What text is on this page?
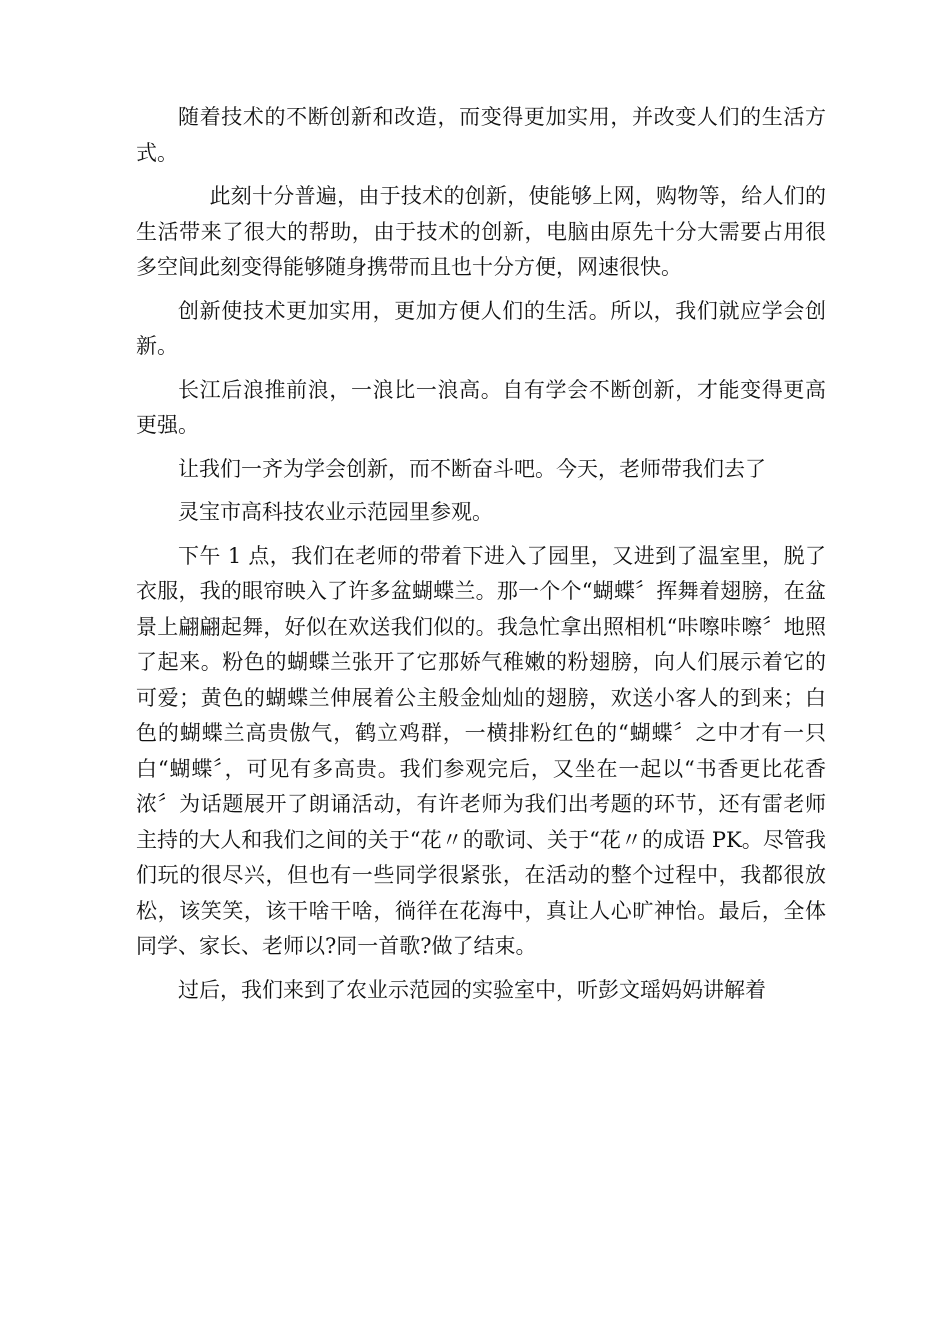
随着技术的不断创新和改造，而变得更加实用，并改变人们的生活方式。

此刻十分普遍，由于技术的创新，使能够上网，购物等，给人们的生活带来了很大的帮助，由于技术的创新，电脑由原先十分大需要占用很多空间此刻变得能够随身携带而且也十分方便，网速很快。

创新使技术更加实用，更加方便人们的生活。所以，我们就应学会创新。

长江后浪推前浪，一浪比一浪高。自有学会不断创新，才能变得更高更强。

让我们一齐为学会创新，而不断奋斗吧。今天，老师带我们去了

灵宝市高科技农业示范园里参观。

下午 1 点，我们在老师的带着下进入了园里，又进到了温室里，脱了衣服，我的眼帘映入了许多盆蝴蝶兰。那一个个“蝴蝶〞挥舞着翅膀，在盆景上翩翩起舞，好似在欢送我们似的。我急忙拿出照相机“咔嚓咔嚓〞地照了起来。粉色的蝴蝶兰张开了它那娇气稚嫩的粉翅膀，向人们展示着它的可爱；黄色的蝴蝶兰伸展着公主般金灿灿的翅膀，欢送小客人的到来；白色的蝴蝶兰高贵傲气，鹤立鸡群，一横排粉红色的“蝴蝶〞之中才有一只白“蝴蝶〞，可见有多高贵。我们参观完后，又坐在一起以“书香更比花香浓〞为话题展开了朗诵活动，有许老师为我们出考题的环节，还有雷老师主持的大人和我们之间的关于“花〃的歌词、关于“花〃的成语 PK。尽管我们玩的很尽兴，但也有一些同学很紧张，在活动的整个过程中，我都很放松，该笑笑，该干啥干啥，徜徉在花海中，真让人心旷神怡。最后，全体同学、家长、老师以?同一首歌?做了结束。

过后，我们来到了农业示范园的实验室中，听彭文瑶妈妈讲解着
